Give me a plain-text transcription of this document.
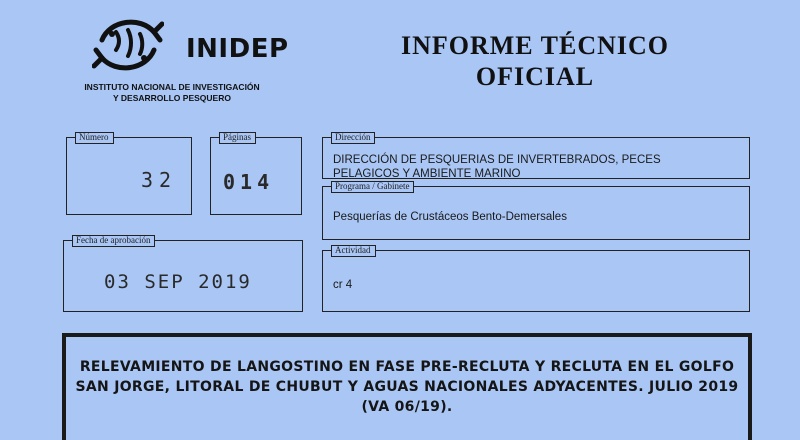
INIDEP
INSTITUTO NACIONAL DE INVESTIGACIÓN
Y DESARROLLO PESQUERO
INFORME TÉCNICO
OFICIAL
Número
32
Páginas
014
Fecha de aprobación
03 SEP 2019
Dirección
DIRECCIÓN DE PESQUERIAS DE INVERTEBRADOS, PECES
PELAGICOS Y AMBIENTE MARINO
Programa / Gabinete
Pesquerías de Crustáceos Bento-Demersales
Actividad
cr 4
RELEVAMIENTO DE LANGOSTINO EN FASE PRE-RECLUTA Y RECLUTA EN EL GOLFO
SAN JORGE, LITORAL DE CHUBUT Y AGUAS NACIONALES ADYACENTES. JULIO 2019
(VA 06/19).
